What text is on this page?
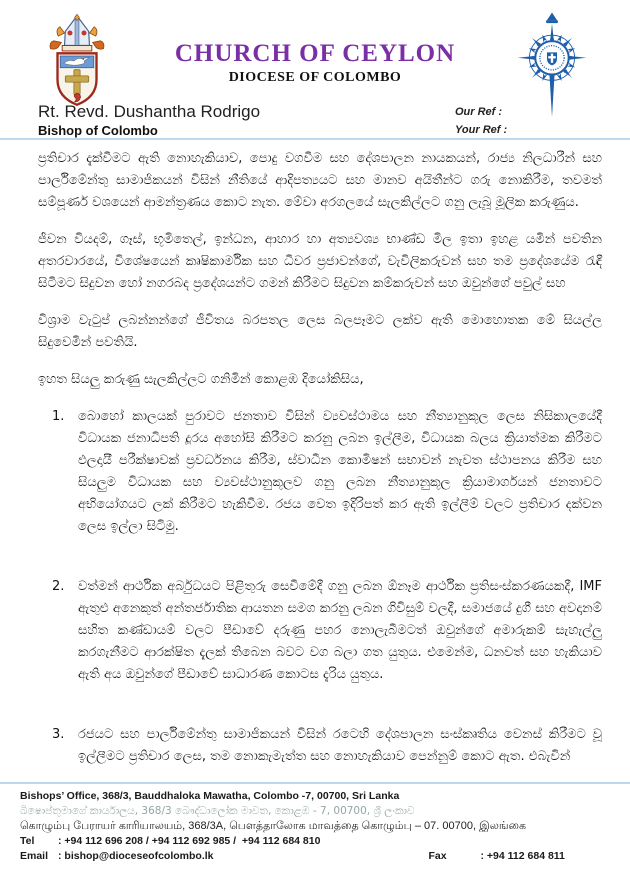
CHURCH OF CEYLON
DIOCESE OF COLOMBO
Rt. Revd. Dushantha Rodrigo
Bishop of Colombo
Our Ref :
Your Ref :

ප්‍රතිචාර දැක්වීමට ඇති නොහැකියාව, පොදු වගවීම සහ දේශපාලන නායකයන්, රාජ්‍ය නිලධාරීන් සහ පාර්ලිමේන්තු සාමාජිකයන් විසින් නීතියේ ආදිපත්‍යයට සහ මානව අයිතීන්ට ගරු නොකිරීම, තවමත් සම්පූර්ණ වශයෙන් ආමන්ත්‍රණය කොට නැත. මේවා අරගලයේ සැලකිල්ලට ගනු ලැබූ මූලික කරුණුය.

ජීවන වියදම්, ගෑස්, භූමිතෙල්, ඉන්ධන, ආහාර හා අත්‍යවශ්‍ය භාණ්ඩ මිල ඉතා ඉහළ යමින් පවතින අතරවාරයේ, විශේෂයෙන් කෘෂිකාර්මික සහ ධීවර ප්‍රජාවන්ගේ, වැවිලිකරුවන් සහ තම ප්‍රදේශයේම රැඳී සිටීමට සිදුවන හෝ නගරබද ප්‍රදේශයන්ට ගමන් කිරීමට සිදුවන කම්කරුවන් සහ ඔවුන්ගේ පවුල් සහ

විශ්‍රාම වැටුප් ලබන්නන්ගේ ජීවිතය බරපතල ලෙස බලපෑමට ලක්ව ඇති මොහොතක මේ සියල්ල සිදුවෙමින් පවතියි.

ඉහත සියලු කරුණු සැලකිල්ලට ගනිමින් කොළඹ දියෝකිසිය,

1.	බොහෝ කාලයක් පුරාවට ජනතාව විසින් ව්‍යවස්ථාමය සහ නීත්‍යානුකූල ලෙස නිසිකාලයේදී විධායක ජනාධිපති දූරය අහෝසි කිරීමට කරනු ලබන ඉල්ලීම, විධායක බලය ක්‍රියාත්මක කිරීමට ඵලදායී පරීක්ෂාවක් ප්‍රවර්ධනය කිරීම, ස්වාධීන කොමිෂන් සභාවන් නැවත ස්ථාපනය කිරීම සහ සියලුම විධායක සහ ව්‍යවස්ථානුකූලව ගනු ලබන නීත්‍යානුකූල ක්‍රියාමාර්ගයන් ජනතාවට අභියෝගයට ලක් කිරීමට හැකිවීම. රජය වෙත ඉදිරිපත් කර ඇති ඉල්ලීම් වලට ප්‍රතිචාර දක්වන ලෙස ඉල්ලා සිටිමු.
2.	වත්මන් ආර්ථික අර්බුධයට පිළිතුරු සෙවීමේදී ගනු ලබන ඕනෑම ආර්ථික ප්‍රතිසංස්කරණයකදී, IMF ඇතුළු අනෙකුත් අන්තර්ජාතික ආයතන සමග කරනු ලබන ගිවිසුම් වලදී, සමාජයේ දුගී සහ අවදානම් සහිත කණ්ඩායම් වලට පීඩාවේ දරුණු පහර නොලැබීමටත් ඔවුන්ගේ අමාරුකම් සැහැල්ලු කරගැනීමට ආරක්ෂිත දැලක් තිබෙන බවට වග බලා ගත යුතුය. එමෙන්ම, ධනවත් සහ හැකියාව ඇති අය ඔවුන්ගේ පීඩාවේ සාධාරණ කොටස දැරිය යුතුය.
3.	රජයට සහ පාර්ලිමේන්තු සාමාජිකයන් විසින් රටෙහි දේශපාලන සංස්කෘතිය වෙනස් කිරීමට වූ ඉල්ලීමට ප්‍රතිචාර ලෙස, තම නොකැමැත්ත සහ නොහැකියාව පෙන්නුම් කොට ඇත. එබැවින්
Bishops’ Office, 368/3, Bauddhaloka Mawatha, Colombo -7, 00700, Sri Lanka
බිෂොප්තුමාගේ කාර්යාලය, 368/3 බෞද්ධාලෝක මාවත, කොළඹ - 7, 00700, ශ්‍රී ලංකාව
கொழும்பு பேராயர் காரியாலயம், 368/3A, பௌத்தாலோக மாவத்தை கொழும்பு – 07. 00700, இலங்கை
Tel	: +94 112 696 208 / +94 112 692 985 /  +94 112 684 810
Email : bishop@dioceseofcolombo.lk	Fax	: +94 112 684 811
